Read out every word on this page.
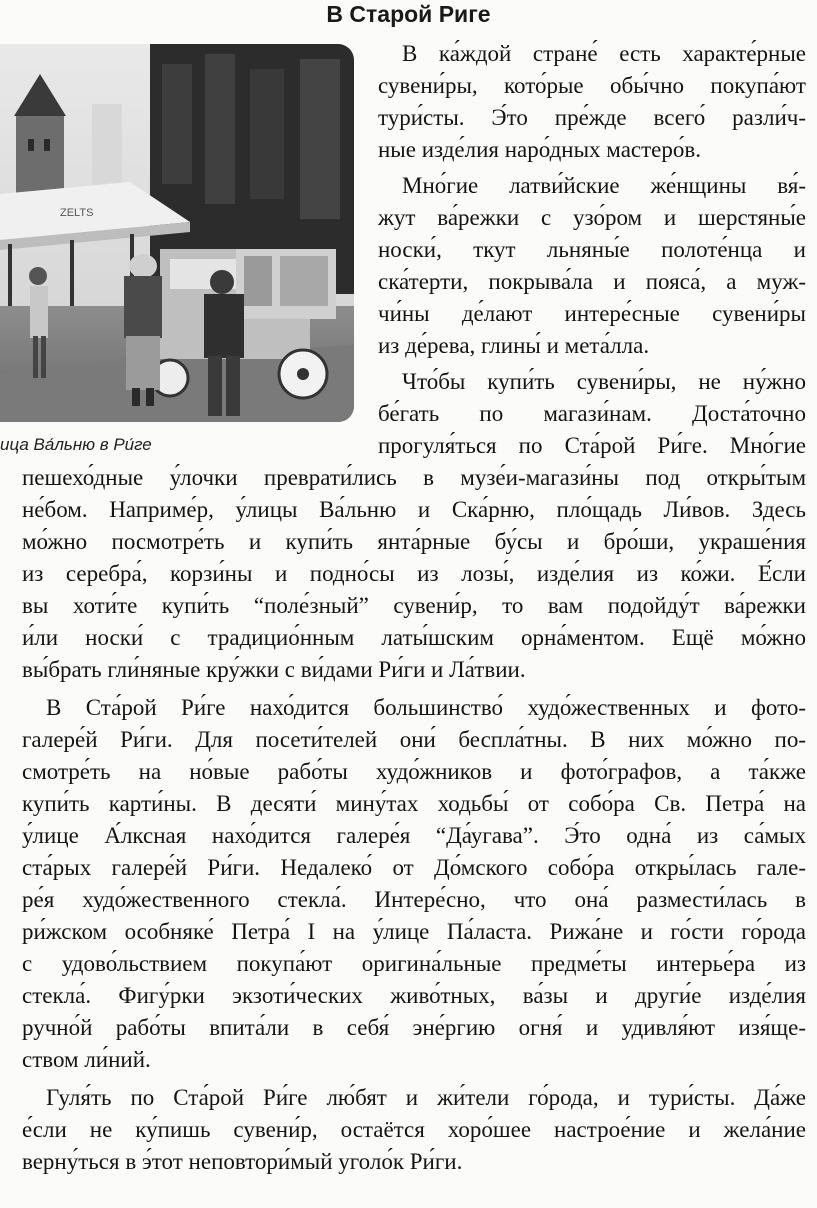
В Старой Риге
ZELTS

ица Ва́льню в Ри́ге

В ка́ждой стране́ есть характе́рные

сувени́ры, кото́рые обы́чно покупа́ют

тури́сты. Э́то пре́жде всего́ разли́ч-

ные изде́лия наро́дных мастеро́в.

Мно́гие латви́йские же́нщины вя́-

жут ва́режки с узо́ром и шерстяны́е

носки́, ткут льняны́е полоте́нца и

ска́терти, покрыва́ла и пояса́, а муж-

чи́ны де́лают интере́сные сувени́ры

из де́рева, глины́ и мета́лла.

Что́бы купи́ть сувени́ры, не ну́жно

бе́гать по магази́нам. Доста́точно

прогуля́ться по Ста́рой Ри́ге. Мно́гие

пешехо́дные у́лочки преврати́лись в музе́и-магази́ны под откры́тым

не́бом. Наприме́р, у́лицы Ва́льню и Ска́рню, пло́щадь Ли́вов. Здесь

мо́жно посмотре́ть и купи́ть янта́рные бу́сы и бро́ши, украше́ния

из серебра́, корзи́ны и подно́сы из лозы́, изде́лия из ко́жи. Е́сли

вы хоти́те купи́ть “поле́зный” сувени́р, то вам подойду́т ва́режки

и́ли носки́ с традицио́нным латы́шским орна́ментом. Ещё мо́жно

вы́брать гли́няные кру́жки с ви́дами Ри́ги и Ла́твии.

В Ста́рой Ри́ге нахо́дится большинство́ худо́жественных и фото-

галере́й Ри́ги. Для посети́телей они́ беспла́тны. В них мо́жно по-

смотре́ть на но́вые рабо́ты худо́жников и фото́графов, а та́кже

купи́ть карти́ны. В десяти́ мину́тах ходьбы́ от собо́ра Св. Петра́ на

у́лице А́лксная нахо́дится галере́я “Да́угава”. Э́то одна́ из са́мых

ста́рых галере́й Ри́ги. Недалеко́ от До́мского собо́ра откры́лась гале-

ре́я худо́жественного стекла́. Интере́сно, что она́ размести́лась в

ри́жском особняке́ Петра́ I на у́лице Па́ласта. Рижа́не и го́сти го́рода

с удово́льствием покупа́ют оригина́льные предме́ты интерье́ра из

стекла́. Фигу́рки экзоти́ческих живо́тных, ва́зы и други́е изде́лия

ручно́й рабо́ты впита́ли в себя́ эне́ргию огня́ и удивля́ют изя́ще-

ством ли́ний.

Гуля́ть по Ста́рой Ри́ге лю́бят и жи́тели го́рода, и тури́сты. Да́же

е́сли не ку́пишь сувени́р, остаётся хоро́шее настрое́ние и жела́ние

верну́ться в э́тот неповтори́мый уголо́к Ри́ги.
